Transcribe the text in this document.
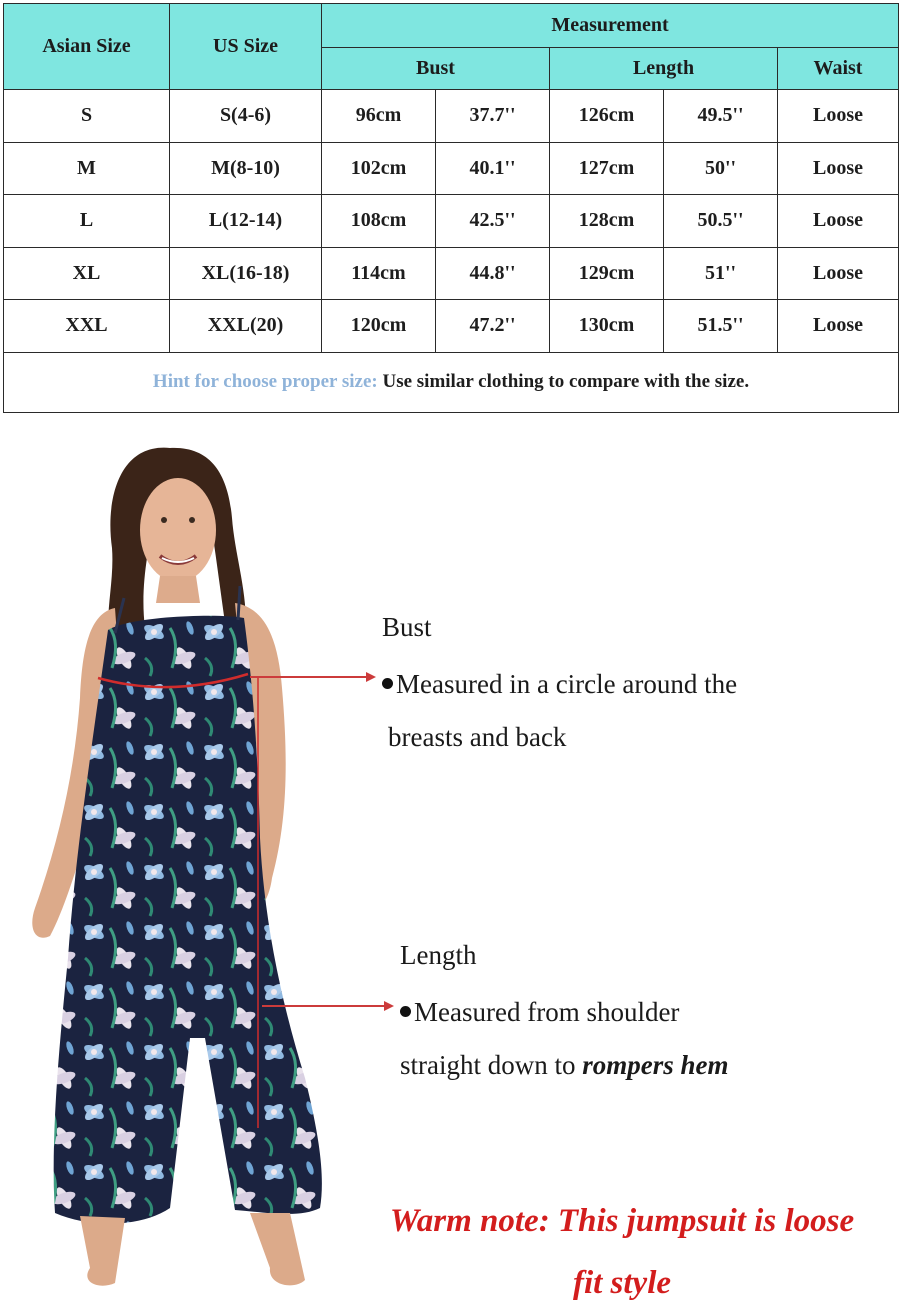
Asian Size	US Size	Measurement				
		Bust		Length		Waist
S	S(4-6)	96cm	37.7''	126cm	49.5''	Loose
M	M(8-10)	102cm	40.1''	127cm	50''	Loose
L	L(12-14)	108cm	42.5''	128cm	50.5''	Loose
XL	XL(16-18)	114cm	44.8''	129cm	51''	Loose
XXL	XXL(20)	120cm	47.2''	130cm	51.5''	Loose
Hint for choose proper size: Use similar clothing to compare with the size.						
Bust
Measured in a circle around the
breasts and back
Length
Measured from shoulder
straight down to rompers hem
Warm note: This jumpsuit is loose
fit style
